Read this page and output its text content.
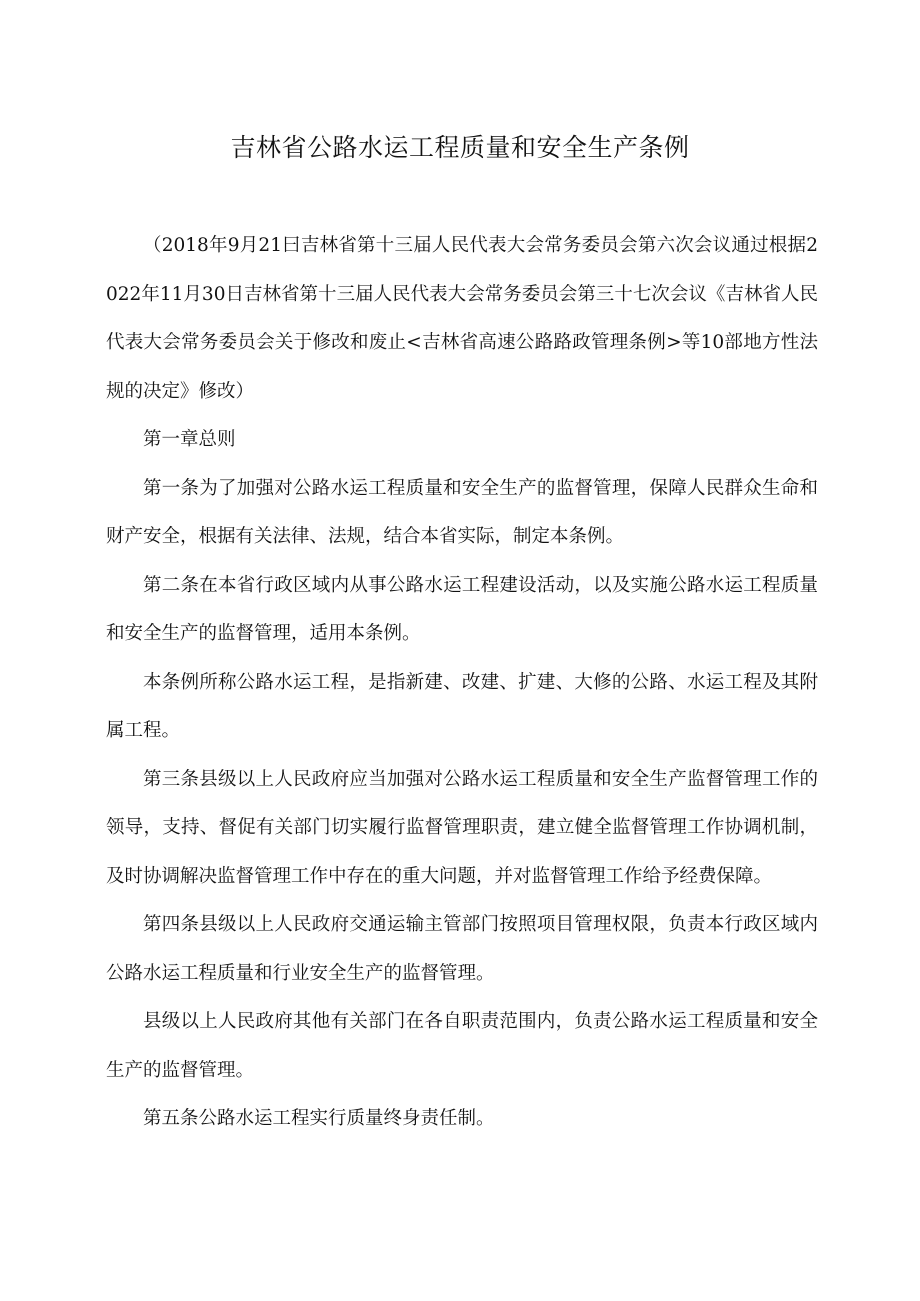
吉林省公路水运工程质量和安全生产条例

（2018年9月21曰吉林省第十三届人民代表大会常务委员会第六次会议通过根据2022年11月30日吉林省第十三届人民代表大会常务委员会第三十七次会议《吉林省人民代表大会常务委员会关于修改和废止<吉林省高速公路路政管理条例>等10部地方性法规的决定》修改）

第一章总则

第一条为了加强对公路水运工程质量和安全生产的监督管理，保障人民群众生命和财产安全，根据有关法律、法规，结合本省实际，制定本条例。

第二条在本省行政区域内从事公路水运工程建设活动，以及实施公路水运工程质量和安全生产的监督管理，适用本条例。

本条例所称公路水运工程，是指新建、改建、扩建、大修的公路、水运工程及其附属工程。

第三条县级以上人民政府应当加强对公路水运工程质量和安全生产监督管理工作的领导，支持、督促有关部门切实履行监督管理职责，建立健全监督管理工作协调机制，及时协调解决监督管理工作中存在的重大问题，并对监督管理工作给予经费保障。

第四条县级以上人民政府交通运输主管部门按照项目管理权限，负责本行政区域内公路水运工程质量和行业安全生产的监督管理。

县级以上人民政府其他有关部门在各自职责范围内，负责公路水运工程质量和安全生产的监督管理。

第五条公路水运工程实行质量终身责任制。
